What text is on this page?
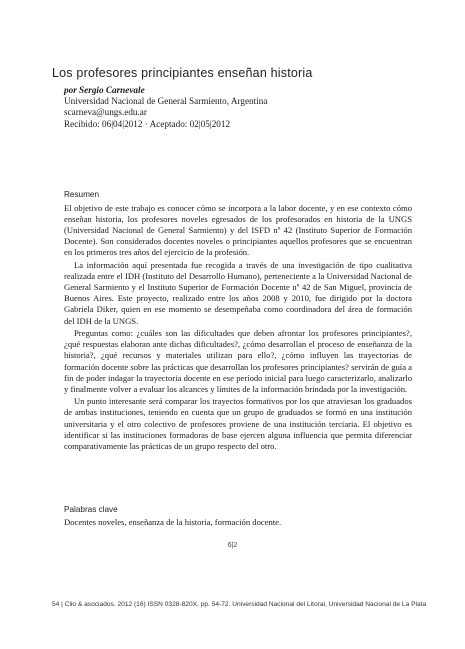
Los profesores principiantes enseñan historia
por Sergio Carnevale
Universidad Nacional de General Sarmiento, Argentina
scarneva@ungs.edu.ar
Recibido: 06|04|2012 · Aceptado: 02|05|2012
Resumen

El objetivo de este trabajo es conocer cómo se incorpora a la labor docente, y en ese contexto cómo enseñan historia, los profesores noveles egresados de los profesorados en historia de la UNGS (Universidad Nacional de General Sarmiento) y del ISFD nº 42 (Instituto Superior de Formación Docente). Son considerados docentes noveles o principiantes aquellos profesores que se encuentran en los primeros tres años del ejercicio de la profesión.

La información aquí presentada fue recogida a través de una investigación de tipo cualitativa realizada entre el IDH (Instituto del Desarrollo Humano), perteneciente a la Universidad Nacional de General Sarmiento y el Instituto Superior de Formación Docente nº 42 de San Miguel, provincia de Buenos Aires. Este proyecto, realizado entre los años 2008 y 2010, fue dirigido por la doctora Gabriela Diker, quien en ese momento se desempeñaba como coordinadora del área de formación del IDH de la UNGS.

Preguntas como: ¿cuáles son las dificultades que deben afrontar los profesores principiantes?, ¿qué respuestas elaboran ante dichas dificultades?, ¿cómo desarrollan el proceso de enseñanza de la historia?, ¿qué recursos y materiales utilizan para ello?, ¿cómo influyen las trayectorias de formación docente sobre las prácticas que desarrollan los profesores principiantes? servirán de guía a fin de poder indagar la trayectoria docente en ese período inicial para luego caracterizarlo, analizarlo y finalmente volver a evaluar los alcances y límites de la información brindada por la investigación.

Un punto interesante será comparar los trayectos formativos por los que atraviesan los graduados de ambas instituciones, teniendo en cuenta que un grupo de graduados se formó en una institución universitaria y el otro colectivo de profesores proviene de una institución terciaria. El objetivo es identificar si las instituciones formadoras de base ejercen alguna influencia que permita diferenciar comparativamente las prácticas de un grupo respecto del otro.

Palabras clave
Docentes noveles, enseñanza de la historia, formación docente.
6|2
54 | Clio & asociados. 2012 (16) ISSN 0328-820X, pp. 54-72. Universidad Nacional del Litoral, Universidad Nacional de La Plata
